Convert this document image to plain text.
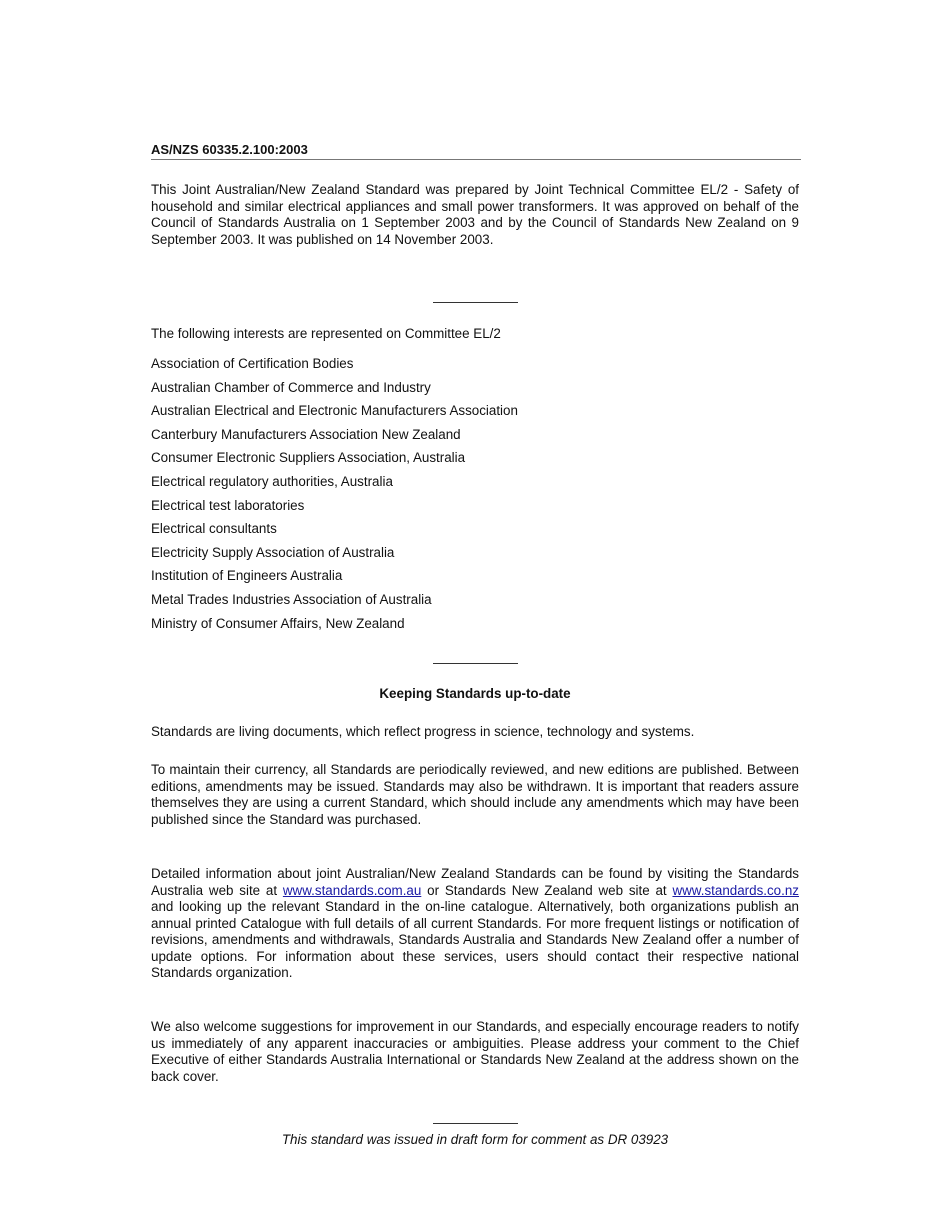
AS/NZS 60335.2.100:2003

This Joint Australian/New Zealand Standard was prepared by Joint Technical Committee EL/2 - Safety of household and similar electrical appliances and small power transformers. It was approved on behalf of the Council of Standards Australia on 1 September 2003 and by the Council of Standards New Zealand on 9 September 2003. It was published on 14 November 2003.

The following interests are represented on Committee EL/2
Association of Certification Bodies
Australian Chamber of Commerce and Industry
Australian Electrical and Electronic Manufacturers Association
Canterbury Manufacturers Association New Zealand
Consumer Electronic Suppliers Association, Australia
Electrical regulatory authorities, Australia
Electrical test laboratories
Electrical consultants
Electricity Supply Association of Australia
Institution of Engineers Australia
Metal Trades Industries Association of Australia
Ministry of Consumer Affairs, New Zealand
Keeping Standards up-to-date
Standards are living documents, which reflect progress in science, technology and systems.

To maintain their currency, all Standards are periodically reviewed, and new editions are published. Between editions, amendments may be issued. Standards may also be withdrawn. It is important that readers assure themselves they are using a current Standard, which should include any amendments which may have been published since the Standard was purchased.

Detailed information about joint Australian/New Zealand Standards can be found by visiting the Standards Australia web site at www.standards.com.au or Standards New Zealand web site at www.standards.co.nz and looking up the relevant Standard in the on-line catalogue. Alternatively, both organizations publish an annual printed Catalogue with full details of all current Standards. For more frequent listings or notification of revisions, amendments and withdrawals, Standards Australia and Standards New Zealand offer a number of update options. For information about these services, users should contact their respective national Standards organization.

We also welcome suggestions for improvement in our Standards, and especially encourage readers to notify us immediately of any apparent inaccuracies or ambiguities. Please address your comment to the Chief Executive of either Standards Australia International or Standards New Zealand at the address shown on the back cover.

This standard was issued in draft form for comment as DR 03923
